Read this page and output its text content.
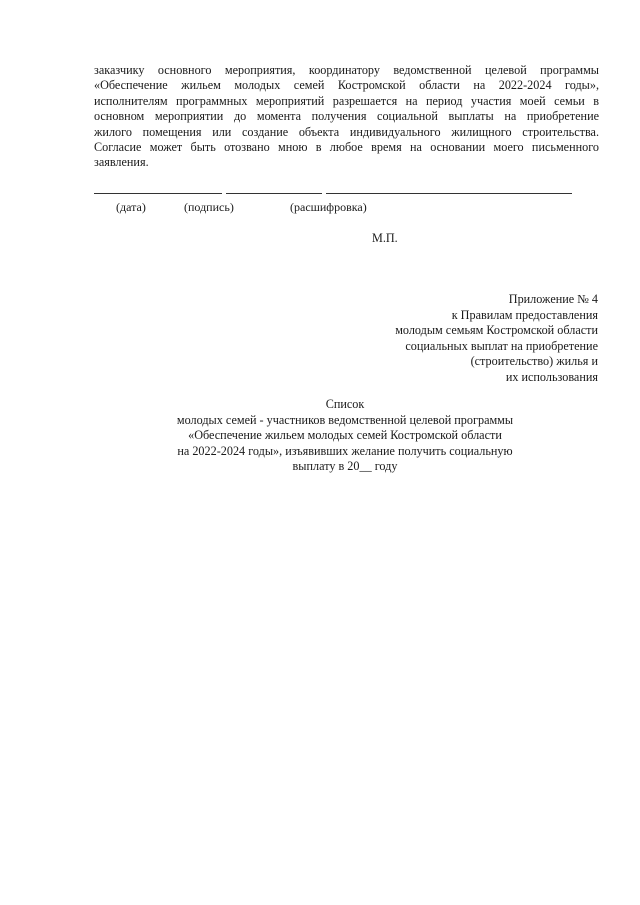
заказчику основного мероприятия, координатору ведомственной целевой программы
«Обеспечение жильем молодых семей Костромской области на 2022-2024 годы»,
исполнителям программных мероприятий разрешается на период участия моей семьи в
основном мероприятии до момента получения социальной выплаты на приобретение
жилого помещения или создание объекта индивидуального жилищного строительства.
Согласие может быть отозвано мною в любое время на основании моего письменного
заявления.
(дата)	(подпись)	(расшифровка)
М.П.
Приложение № 4
к Правилам предоставления
молодым семьям Костромской области
социальных выплат на приобретение
(строительство) жилья и
их использования
Список
молодых семей - участников ведомственной целевой программы
«Обеспечение жильем молодых семей Костромской области
на 2022-2024 годы», изъявивших желание получить социальную
выплату в 20__ году
